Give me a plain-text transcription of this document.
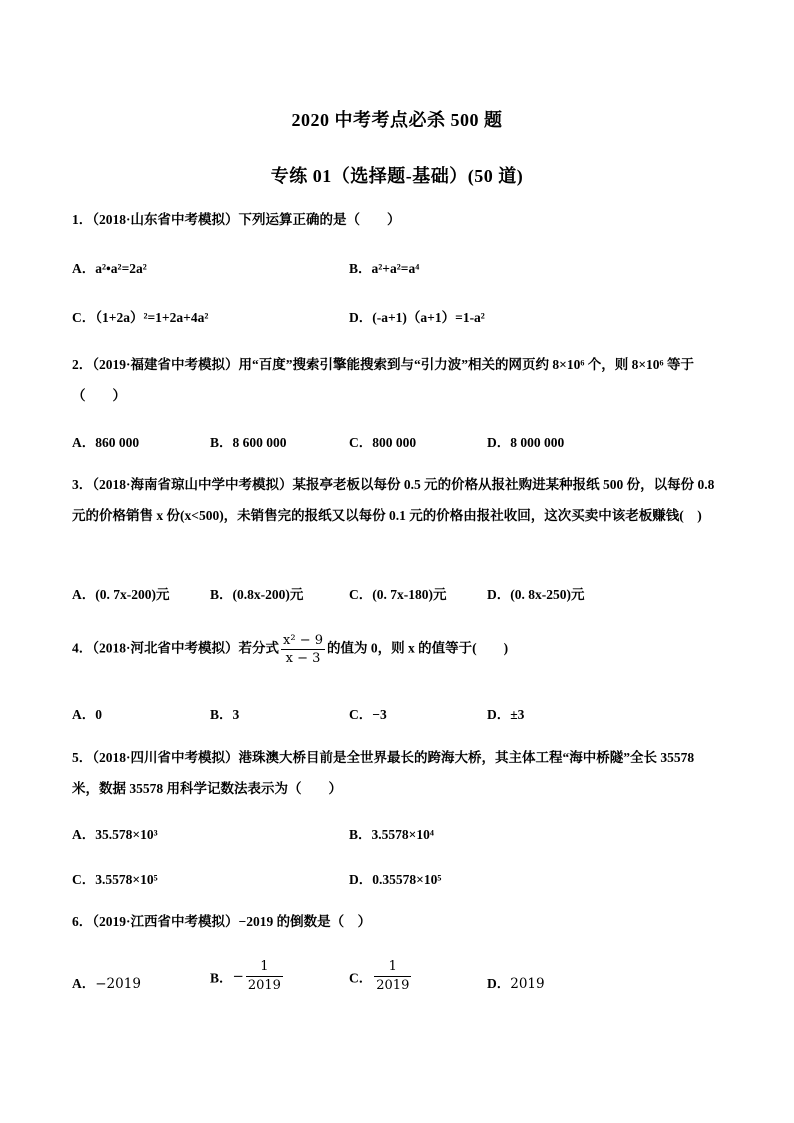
2020 中考考点必杀 500 题
专练 01（选择题-基础）(50 道)
1．（2018·山东省中考模拟）下列运算正确的是（　　）
A．a²•a²=2a²	B．a²+a²=a⁴
C．（1+2a）²=1+2a+4a²	D．(-a+1)（a+1）=1-a²
2．（2019·福建省中考模拟）用“百度”搜索引擎能搜索到与“引力波”相关的网页约 8×10⁶ 个，则 8×10⁶ 等于（　　）
A．860 000	B．8 600 000	C．800 000	D．8 000 000
3．（2018·海南省琼山中学中考模拟）某报亭老板以每份 0.5 元的价格从报社购进某种报纸 500 份，以每份 0.8 元的价格销售 x 份(x<500)，未销售完的报纸又以每份 0.1 元的价格由报社收回，这次买卖中该老板赚钱(　)
A．(0. 7x-200)元	B．(0.8x-200)元	C．(0. 7x-180)元	D．(0. 8x-250)元
4．（2018·河北省中考模拟）若分式 $\frac{\text{x² − 9}}{x - 3}$ 的值为 0，则 x 的值等于(　　)
A．0	B．3	C．−3	D．±3
5．（2018·四川省中考模拟）港珠澳大桥目前是全世界最长的跨海大桥，其主体工程“海中桥隧”全长 35578 米，数据 35578 用科学记数法表示为（　　）
A．35.578×10³	B．3.5578×10⁴
C．3.5578×10⁵	D．0.35578×10⁵
6．（2019·江西省中考模拟）−2019 的倒数是（　）
A．−2019	B．− $\frac{1}{2019}$	C． $\frac{1}{2019}$	D．2019
